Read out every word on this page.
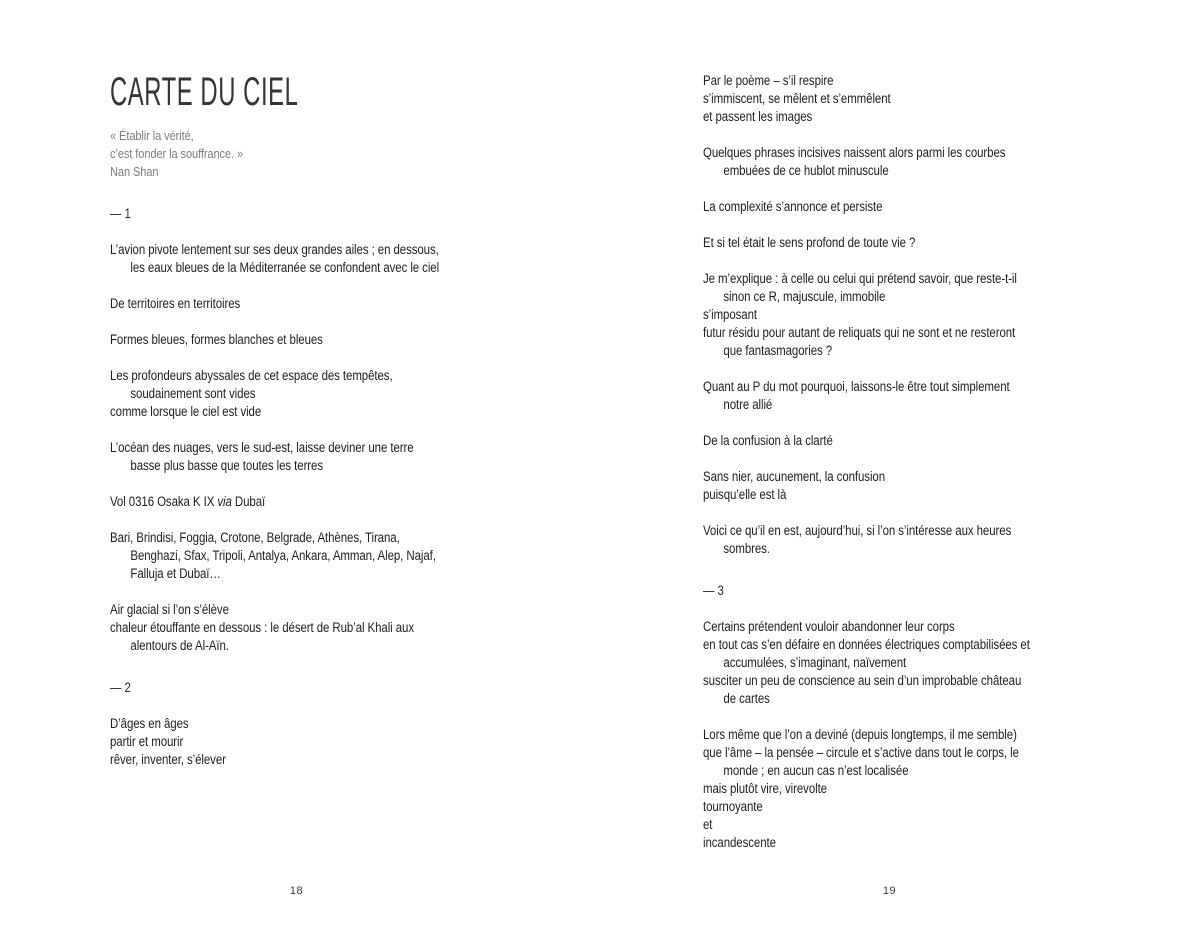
CARTE DU CIEL
« Établir la vérité,
c’est fonder la souffrance. »
Nan Shan
— 1
L’avion pivote lentement sur ses deux grandes ailes ; en dessous,
les eaux bleues de la Méditerranée se confondent avec le ciel
De territoires en territoires
Formes bleues, formes blanches et bleues
Les profondeurs abyssales de cet espace des tempêtes,
soudainement sont vides
comme lorsque le ciel est vide
L’océan des nuages, vers le sud-est, laisse deviner une terre
basse plus basse que toutes les terres
Vol 0316 Osaka K IX via Dubaï
Bari, Brindisi, Foggia, Crotone, Belgrade, Athènes, Tirana,
Benghazi, Sfax, Tripoli, Antalya, Ankara, Amman, Alep, Najaf,
Falluja et Dubaï…
Air glacial si l’on s’élève
chaleur étouffante en dessous : le désert de Rub’al Khali aux
alentours de Al-Aïn.
— 2
D’âges en âges
partir et mourir
rêver, inventer, s’élever
Par le poème – s’il respire
s’immiscent, se mêlent et s’emmêlent
et passent les images
Quelques phrases incisives naissent alors parmi les courbes
embuées de ce hublot minuscule
La complexité s’annonce et persiste
Et si tel était le sens profond de toute vie ?
Je m’explique : à celle ou celui qui prétend savoir, que reste-t-il
sinon ce R, majuscule, immobile
s’imposant
futur résidu pour autant de reliquats qui ne sont et ne resteront
que fantasmagories ?
Quant au P du mot pourquoi, laissons-le être tout simplement
notre allié
De la confusion à la clarté
Sans nier, aucunement, la confusion
puisqu’elle est là
Voici ce qu’il en est, aujourd’hui, si l’on s’intéresse aux heures
sombres.
— 3
Certains prétendent vouloir abandonner leur corps
en tout cas s’en défaire en données électriques comptabilisées et
accumulées, s’imaginant, naïvement
susciter un peu de conscience au sein d’un improbable château
de cartes
Lors même que l’on a deviné (depuis longtemps, il me semble)
que l’âme – la pensée – circule et s’active dans tout le corps, le
monde ; en aucun cas n’est localisée
mais plutôt vire, virevolte
tournoyante
et
incandescente
18	19
